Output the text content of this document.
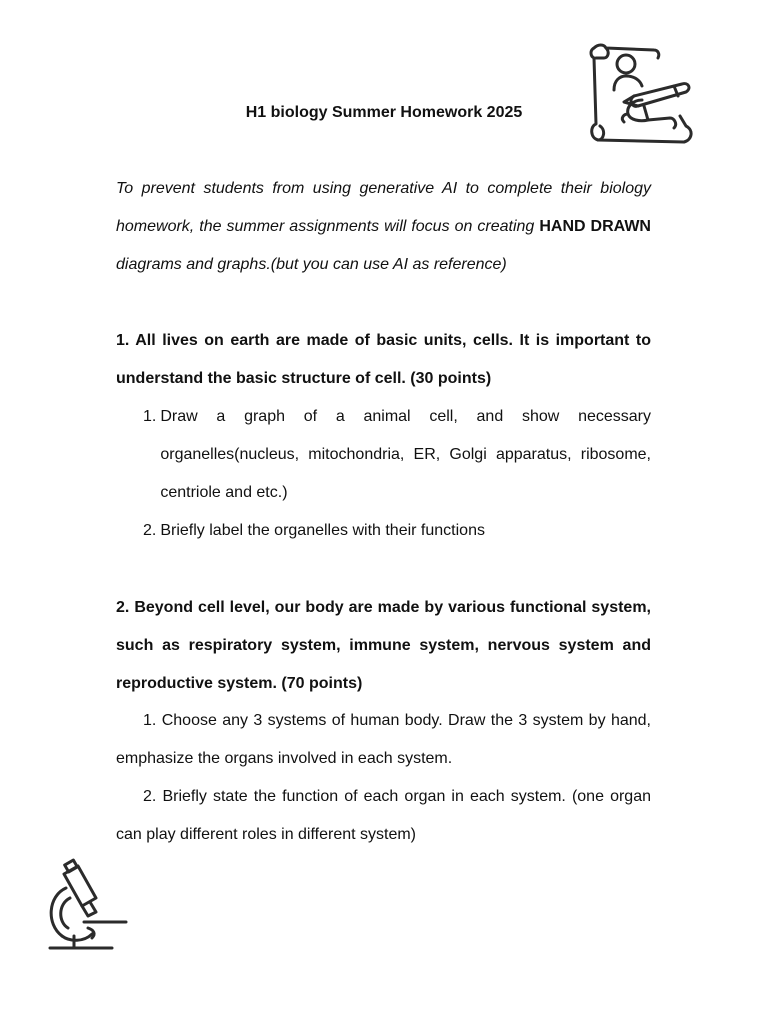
H1 biology Summer Homework 2025

To prevent students from using generative AI to complete their biology homework, the summer assignments will focus on creating HAND DRAWN diagrams and graphs.(but you can use AI as reference)

1. All lives on earth are made of basic units, cells. It is important to understand the basic structure of cell. (30 points)

1. Draw a graph of a animal cell, and show necessary organelles(nucleus, mitochondria, ER, Golgi apparatus, ribosome, centriole and etc.)
2. Briefly label the organelles with their functions

2. Beyond cell level, our body are made by various functional system, such as respiratory system, immune system, nervous system and reproductive system. (70 points)

1. Choose any 3 systems of human body. Draw the 3 system by hand, emphasize the organs involved in each system.

2. Briefly state the function of each organ in each system. (one organ can play different roles in different system)
